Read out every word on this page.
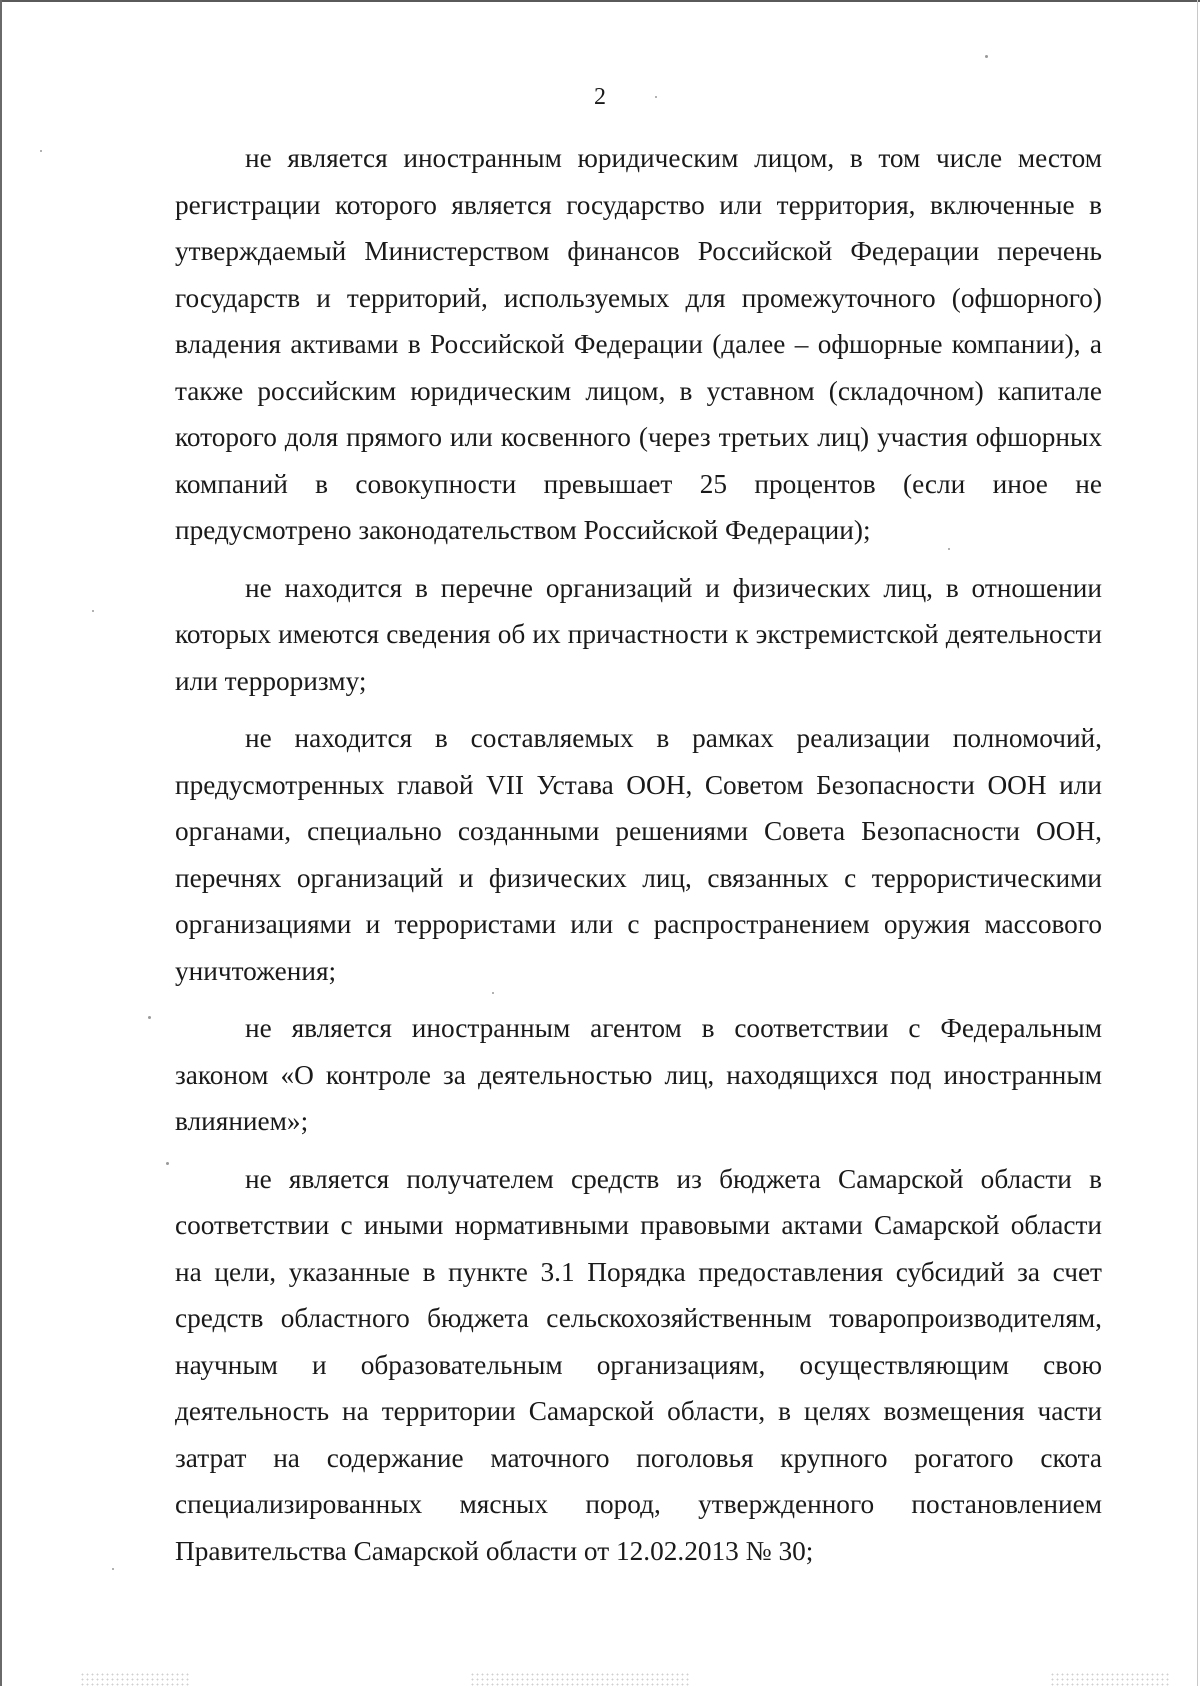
2

не является иностранным юридическим лицом, в том числе местом регистрации которого является государство или территория, включенные в утверждаемый Министерством финансов Российской Федерации перечень государств и территорий, используемых для промежуточного (офшорного) владения активами в Российской Федерации (далее – офшорные компании), а также российским юридическим лицом, в уставном (складочном) капитале которого доля прямого или косвенного (через третьих лиц) участия офшорных компаний в совокупности превышает 25 процентов (если иное не предусмотрено законодательством Российской Федерации);

не находится в перечне организаций и физических лиц, в отношении которых имеются сведения об их причастности к экстремистской деятельности или терроризму;

не находится в составляемых в рамках реализации полномочий, предусмотренных главой VII Устава ООН, Советом Безопасности ООН или органами, специально созданными решениями Совета Безопасности ООН, перечнях организаций и физических лиц, связанных с террористическими организациями и террористами или с распространением оружия массового уничтожения;

не является иностранным агентом в соответствии с Федеральным законом «О контроле за деятельностью лиц, находящихся под иностранным влиянием»;

не является получателем средств из бюджета Самарской области в соответствии с иными нормативными правовыми актами Самарской области на цели, указанные в пункте 3.1 Порядка предоставления субсидий за счет средств областного бюджета сельскохозяйственным товаропроизводителям, научным и образовательным организациям, осуществляющим свою деятельность на территории Самарской области, в целях возмещения части затрат на содержание маточного поголовья крупного рогатого скота специализированных мясных пород, утвержденного постановлением Правительства Самарской области от 12.02.2013 № 30;
